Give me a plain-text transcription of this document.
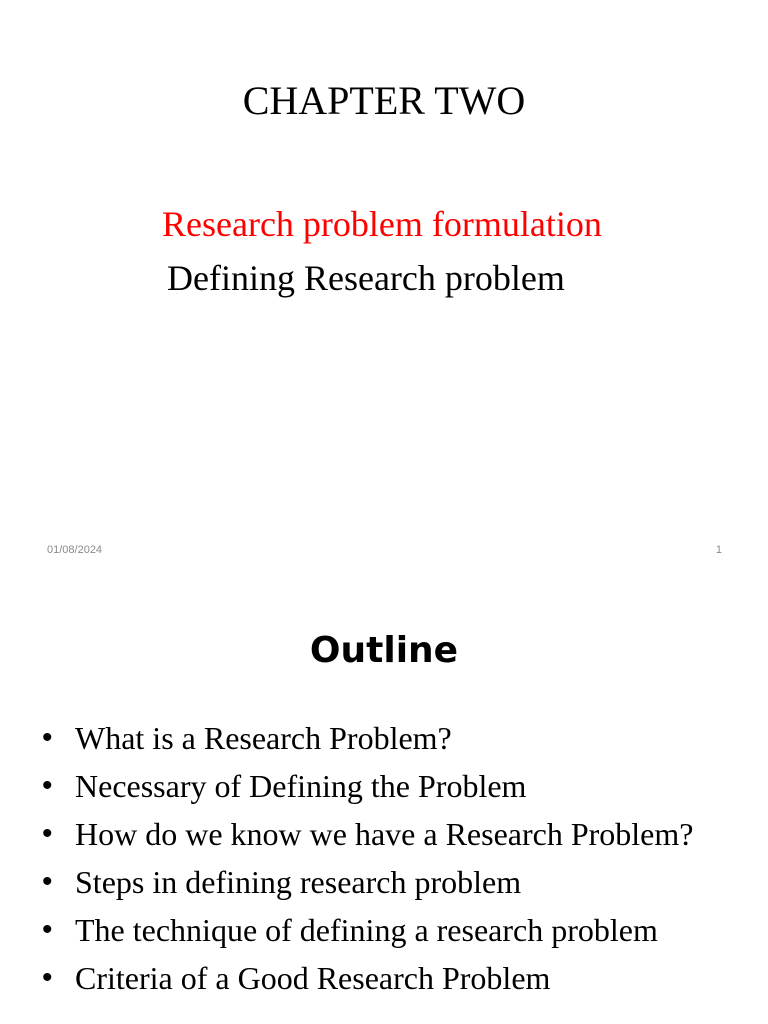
CHAPTER TWO
Research problem formulation
Defining Research problem
01/08/2024	1
Outline
• What is a Research Problem?
• Necessary of Defining the Problem
• How do we know we have a Research Problem?
• Steps in defining research problem
• The technique of defining a research problem
• Criteria of a Good Research Problem
